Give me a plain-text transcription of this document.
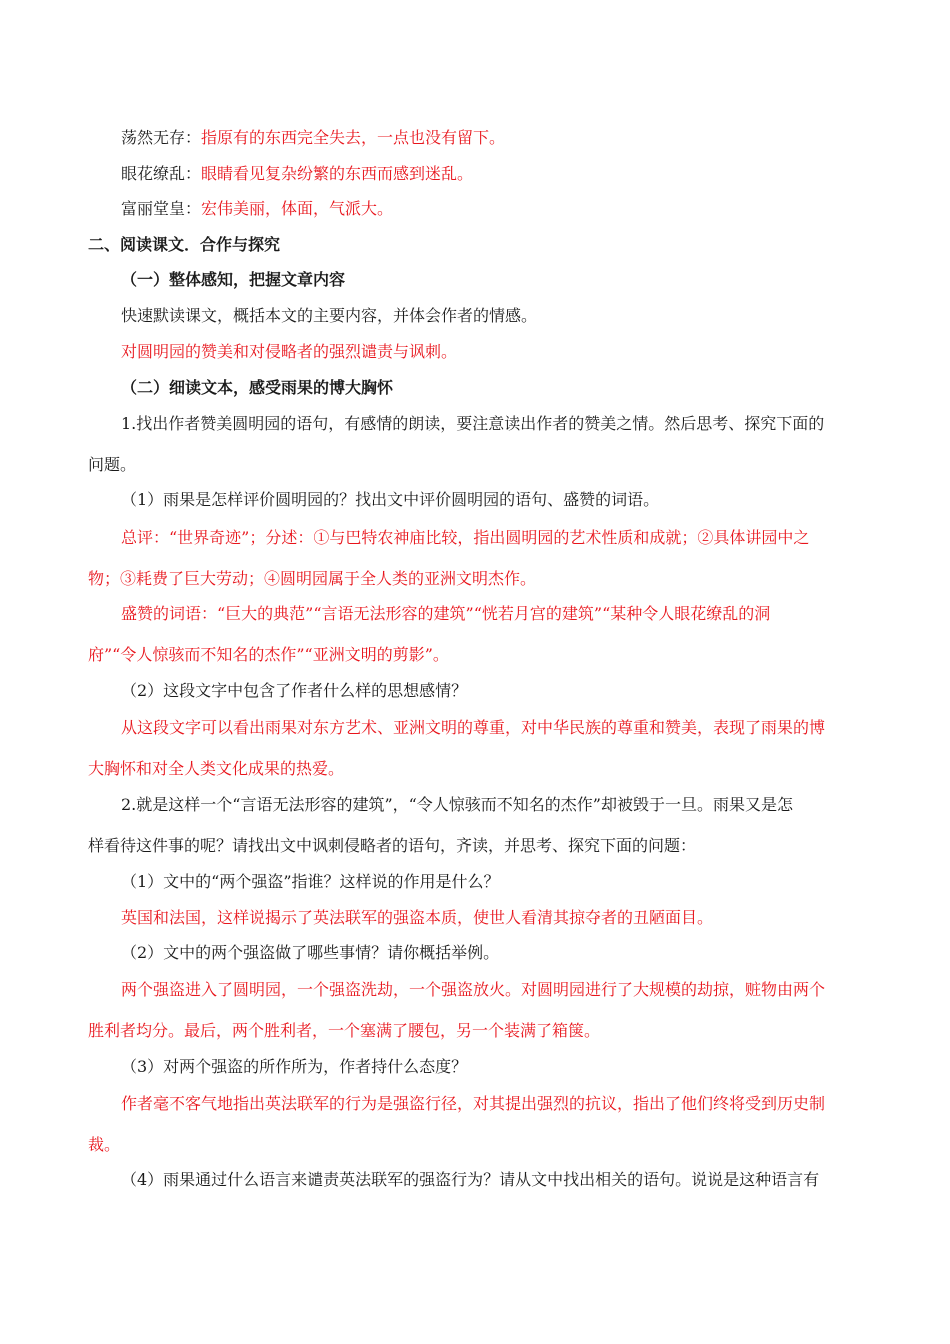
荡然无存：指原有的东西完全失去，一点也没有留下。
眼花缭乱：眼睛看见复杂纷繁的东西而感到迷乱。
富丽堂皇：宏伟美丽，体面，气派大。
二、阅读课文．合作与探究
（一）整体感知，把握文章内容
快速默读课文，概括本文的主要内容，并体会作者的情感。
对圆明园的赞美和对侵略者的强烈谴责与讽刺。
（二）细读文本，感受雨果的博大胸怀
1.找出作者赞美圆明园的语句，有感情的朗读，要注意读出作者的赞美之情。然后思考、探究下面的
问题。
（1）雨果是怎样评价圆明园的？找出文中评价圆明园的语句、盛赞的词语。
总评：“世界奇迹”；分述：①与巴特农神庙比较，指出圆明园的艺术性质和成就；②具体讲园中之
物；③耗费了巨大劳动；④圆明园属于全人类的亚洲文明杰作。
盛赞的词语：“巨大的典范”“言语无法形容的建筑”“恍若月宫的建筑”“某种令人眼花缭乱的洞
府”“令人惊骇而不知名的杰作”“亚洲文明的剪影”。
（2）这段文字中包含了作者什么样的思想感情？
从这段文字可以看出雨果对东方艺术、亚洲文明的尊重，对中华民族的尊重和赞美，表现了雨果的博
大胸怀和对全人类文化成果的热爱。
2.就是这样一个“言语无法形容的建筑”，“令人惊骇而不知名的杰作”却被毁于一旦。雨果又是怎
样看待这件事的呢？请找出文中讽刺侵略者的语句，齐读，并思考、探究下面的问题：
（1）文中的“两个强盗”指谁？这样说的作用是什么？
英国和法国，这样说揭示了英法联军的强盗本质，使世人看清其掠夺者的丑陋面目。
（2）文中的两个强盗做了哪些事情？请你概括举例。
两个强盗进入了圆明园，一个强盗洗劫，一个强盗放火。对圆明园进行了大规模的劫掠，赃物由两个
胜利者均分。最后，两个胜利者，一个塞满了腰包，另一个装满了箱箧。
（3）对两个强盗的所作所为，作者持什么态度？
作者毫不客气地指出英法联军的行为是强盗行径，对其提出强烈的抗议，指出了他们终将受到历史制
裁。
（4）雨果通过什么语言来谴责英法联军的强盗行为？请从文中找出相关的语句。说说是这种语言有
